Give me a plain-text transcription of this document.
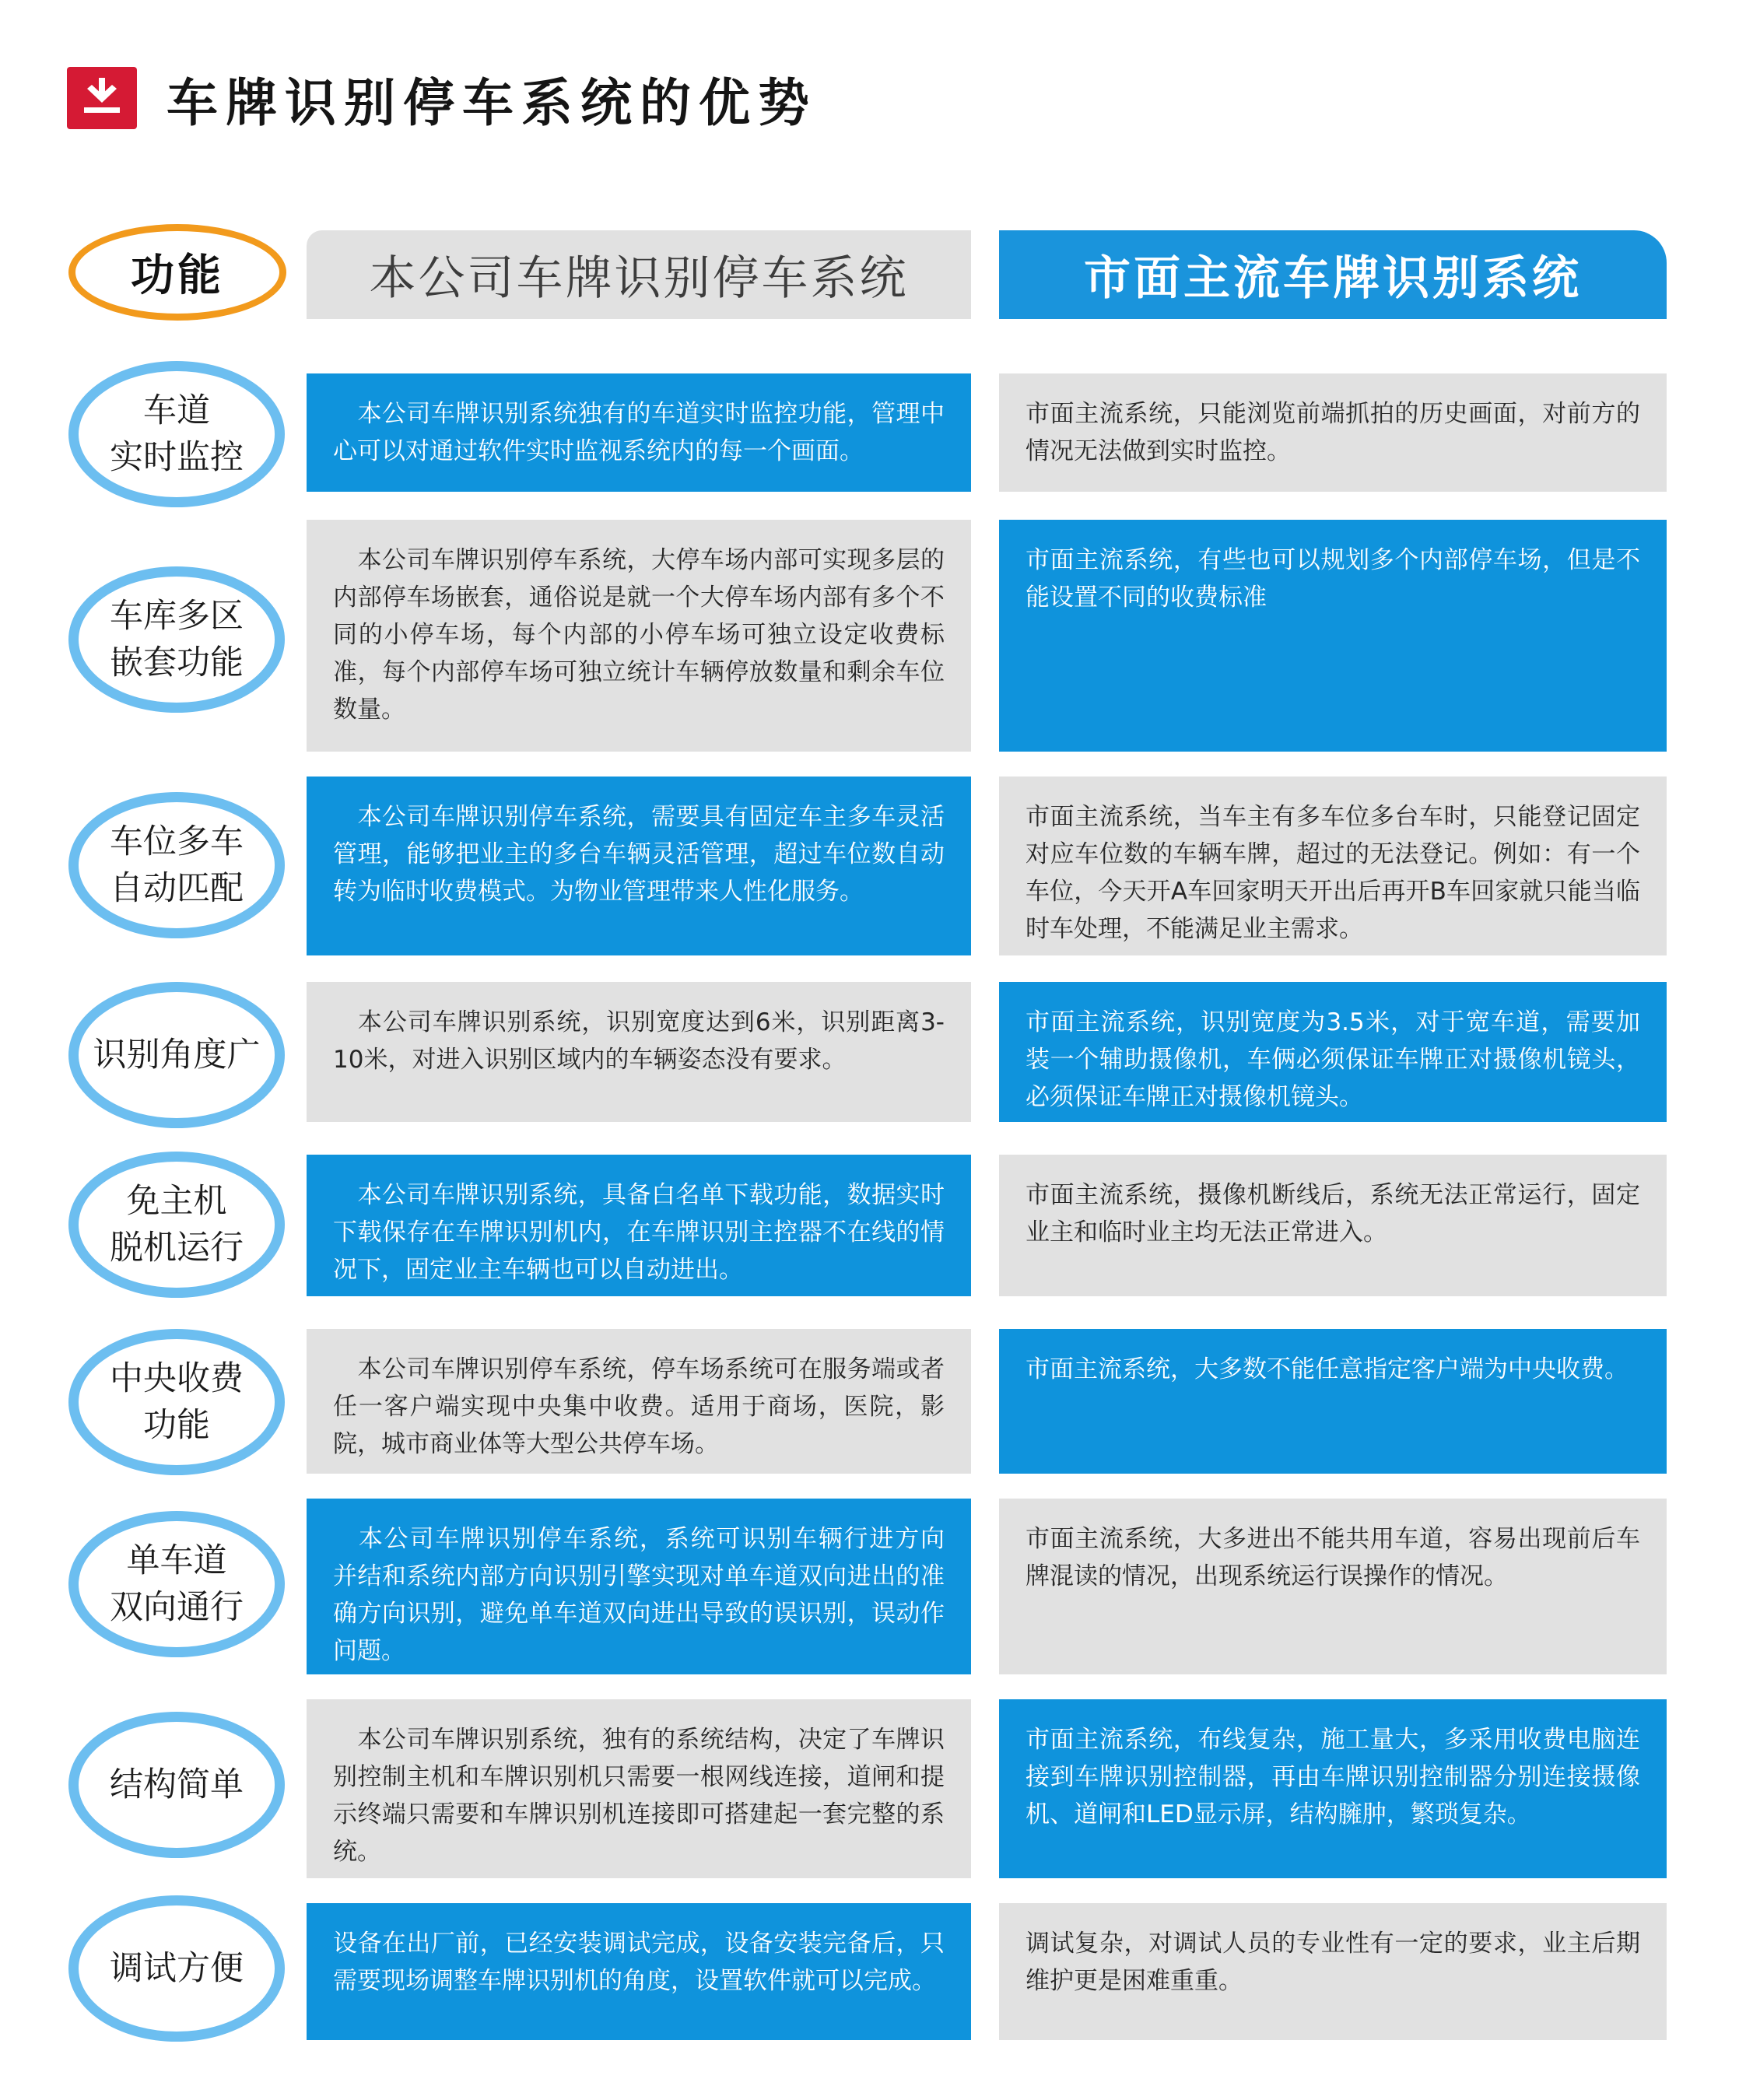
车牌识别停车系统的优势
功能	本公司车牌识别停车系统	市面主流车牌识别系统
车道
实时监控
　本公司车牌识别系统独有的车道实时监控功能，管理中心可以对通过软件实时监视系统内的每一个画面。
市面主流系统，只能浏览前端抓拍的历史画面，对前方的情况无法做到实时监控。
车库多区
嵌套功能
　本公司车牌识别停车系统，大停车场内部可实现多层的内部停车场嵌套，通俗说是就一个大停车场内部有多个不同的小停车场，每个内部的小停车场可独立设定收费标准，每个内部停车场可独立统计车辆停放数量和剩余车位数量。
市面主流系统，有些也可以规划多个内部停车场，但是不能设置不同的收费标准
车位多车
自动匹配
　本公司车牌识别停车系统，需要具有固定车主多车灵活管理，能够把业主的多台车辆灵活管理，超过车位数自动转为临时收费模式。为物业管理带来人性化服务。
市面主流系统，当车主有多车位多台车时，只能登记固定对应车位数的车辆车牌，超过的无法登记。例如：有一个车位，今天开A车回家明天开出后再开B车回家就只能当临时车处理，不能满足业主需求。
识别角度广
　本公司车牌识别系统，识别宽度达到6米，识别距离3-10米，对进入识别区域内的车辆姿态没有要求。
市面主流系统，识别宽度为3.5米，对于宽车道，需要加装一个辅助摄像机，车俩必须保证车牌正对摄像机镜头，必须保证车牌正对摄像机镜头。
免主机
脱机运行
　本公司车牌识别系统，具备白名单下载功能，数据实时下载保存在车牌识别机内，在车牌识别主控器不在线的情况下，固定业主车辆也可以自动进出。
市面主流系统，摄像机断线后，系统无法正常运行，固定业主和临时业主均无法正常进入。
中央收费
功能
　本公司车牌识别停车系统，停车场系统可在服务端或者任一客户端实现中央集中收费。适用于商场，医院，影院，城市商业体等大型公共停车场。
市面主流系统，大多数不能任意指定客户端为中央收费。
单车道
双向通行
　本公司车牌识别停车系统，系统可识别车辆行进方向　并结和系统内部方向识别引擎实现对单车道双向进出的准确方向识别，避免单车道双向进出导致的误识别，误动作问题。
市面主流系统，大多进出不能共用车道，容易出现前后车牌混读的情况，出现系统运行误操作的情况。
结构简单
　本公司车牌识别系统，独有的系统结构，决定了车牌识别控制主机和车牌识别机只需要一根网线连接，道闸和提示终端只需要和车牌识别机连接即可搭建起一套完整的系统。
市面主流系统，布线复杂，施工量大，多采用收费电脑连接到车牌识别控制器，再由车牌识别控制器分别连接摄像机、道闸和LED显示屏，结构臃肿，繁琐复杂。
调试方便
设备在出厂前，已经安装调试完成，设备安装完备后，只需要现场调整车牌识别机的角度，设置软件就可以完成。
调试复杂，对调试人员的专业性有一定的要求，业主后期维护更是困难重重。
